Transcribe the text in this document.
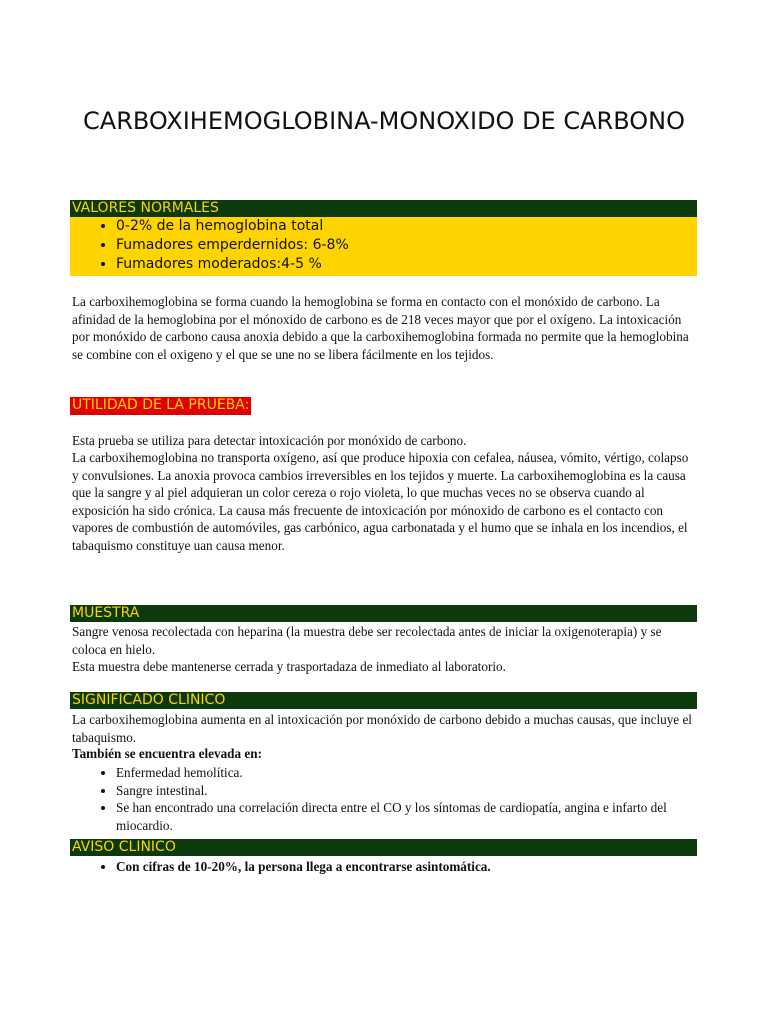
CARBOXIHEMOGLOBINA-MONOXIDO DE CARBONO
VALORES NORMALES
• 0-2% de la hemoglobina total
• Fumadores emperdernidos: 6-8%
• Fumadores moderados:4-5 %

La carboxihemoglobina se forma cuando la hemoglobina se forma en contacto con el monóxido de carbono. La afinidad de la hemoglobina por el mónoxido de carbono es de 218 veces mayor que por el oxígeno. La intoxicación por monóxido de carbono causa anoxia debido a que la carboxihemoglobina formada no permite que la hemoglobina se combine con el oxigeno y el que se une no se libera fácilmente en los tejidos.

UTILIDAD DE LA PRUEBA:

Esta prueba se utiliza para detectar intoxicación por monóxido de carbono.

La carboxihemoglobina no transporta oxígeno, así que produce hipoxia con cefalea, náusea, vómito, vértigo, colapso y convulsiones. La anoxia provoca cambios irreversibles en los tejidos y muerte. La carboxihemoglobina es la causa que la sangre y al piel adquieran un color cereza o rojo violeta, lo que muchas veces no se observa cuando al exposición ha sido crónica. La causa más frecuente de intoxicación por mónoxido de carbono es el contacto con vapores de combustión de automóviles, gas carbónico, agua carbonatada y el humo que se inhala en los incendios, el tabaquismo constituye uan causa menor.

MUESTRA

Sangre venosa recolectada con heparina (la muestra debe ser recolectada antes de iniciar la oxigenoterapia) y se coloca en hielo.

Esta muestra debe mantenerse cerrada y trasportadaza de inmediato al laboratorio.

SIGNIFICADO CLINICO

La carboxihemoglobina aumenta en al intoxicación por monóxido de carbono debido a muchas causas, que incluye el tabaquismo.

También se encuentra elevada en:

• Enfermedad hemolítica.
• Sangre intestinal.
• Se han encontrado una correlación directa entre el CO y los síntomas de cardiopatía, angina e infarto del miocardio.
AVISO CLINICO
• Con cifras de 10-20%, la persona llega a encontrarse asintomática.
